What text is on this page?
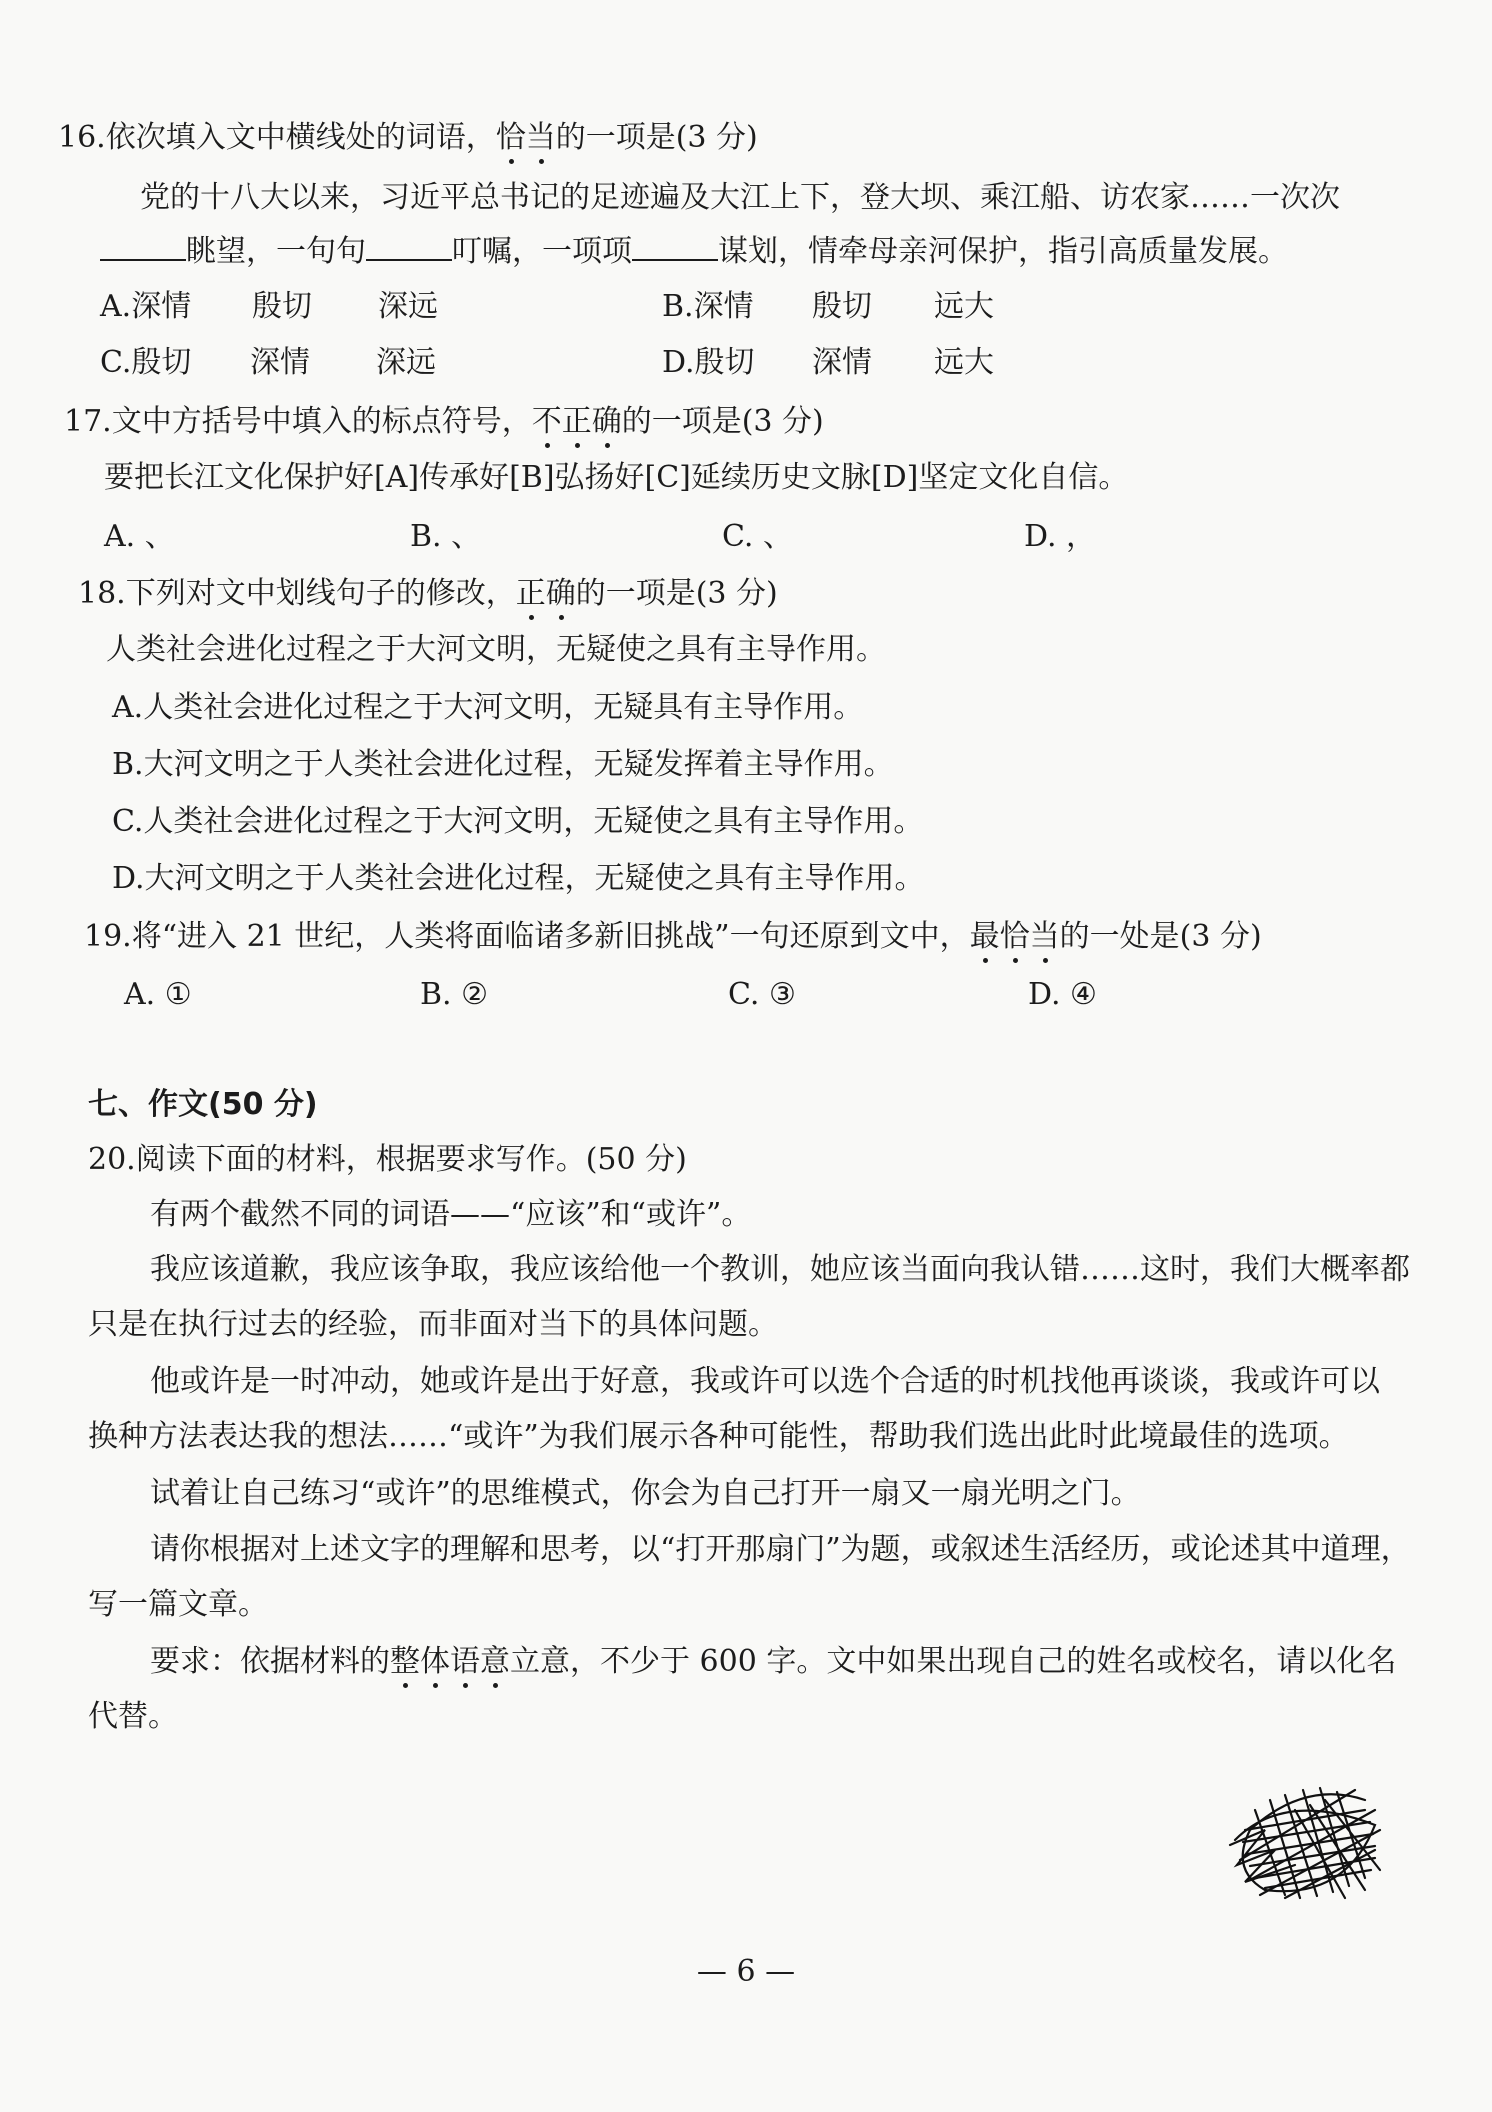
16.依次填入文中横线处的词语，恰当的一项是(3 分)
党的十八大以来，习近平总书记的足迹遍及大江上下，登大坝、乘江船、访农家……一次次
眺望，一句句	叮嘱，一项项	谋划，情牵母亲河保护，指引高质量发展。
A.深情 殷切 深远	B.深情 殷切 远大
C.殷切 深情 深远	D.殷切 深情 远大
17.文中方括号中填入的标点符号，不正确的一项是(3 分)
要把长江文化保护好[A]传承好[B]弘扬好[C]延续历史文脉[D]坚定文化自信。
A. 、	B. 、	C. 、	D. ，
18.下列对文中划线句子的修改，正确的一项是(3 分)
人类社会进化过程之于大河文明，无疑使之具有主导作用。
A.人类社会进化过程之于大河文明，无疑具有主导作用。
B.大河文明之于人类社会进化过程，无疑发挥着主导作用。
C.人类社会进化过程之于大河文明，无疑使之具有主导作用。
D.大河文明之于人类社会进化过程，无疑使之具有主导作用。
19.将“进入 21 世纪，人类将面临诸多新旧挑战”一句还原到文中，最恰当的一处是(3 分)
A. ①	B. ②	C. ③	D. ④
七、作文(50 分)
20.阅读下面的材料，根据要求写作。(50 分)
有两个截然不同的词语——“应该”和“或许”。
我应该道歉，我应该争取，我应该给他一个教训，她应该当面向我认错……这时，我们大概率都
只是在执行过去的经验，而非面对当下的具体问题。
他或许是一时冲动，她或许是出于好意，我或许可以选个合适的时机找他再谈谈，我或许可以
换种方法表达我的想法……“或许”为我们展示各种可能性，帮助我们选出此时此境最佳的选项。
试着让自己练习“或许”的思维模式，你会为自己打开一扇又一扇光明之门。
请你根据对上述文字的理解和思考，以“打开那扇门”为题，或叙述生活经历，或论述其中道理，
写一篇文章。
要求：依据材料的整体语意立意，不少于 600 字。文中如果出现自己的姓名或校名，请以化名
代替。
— 6 —
